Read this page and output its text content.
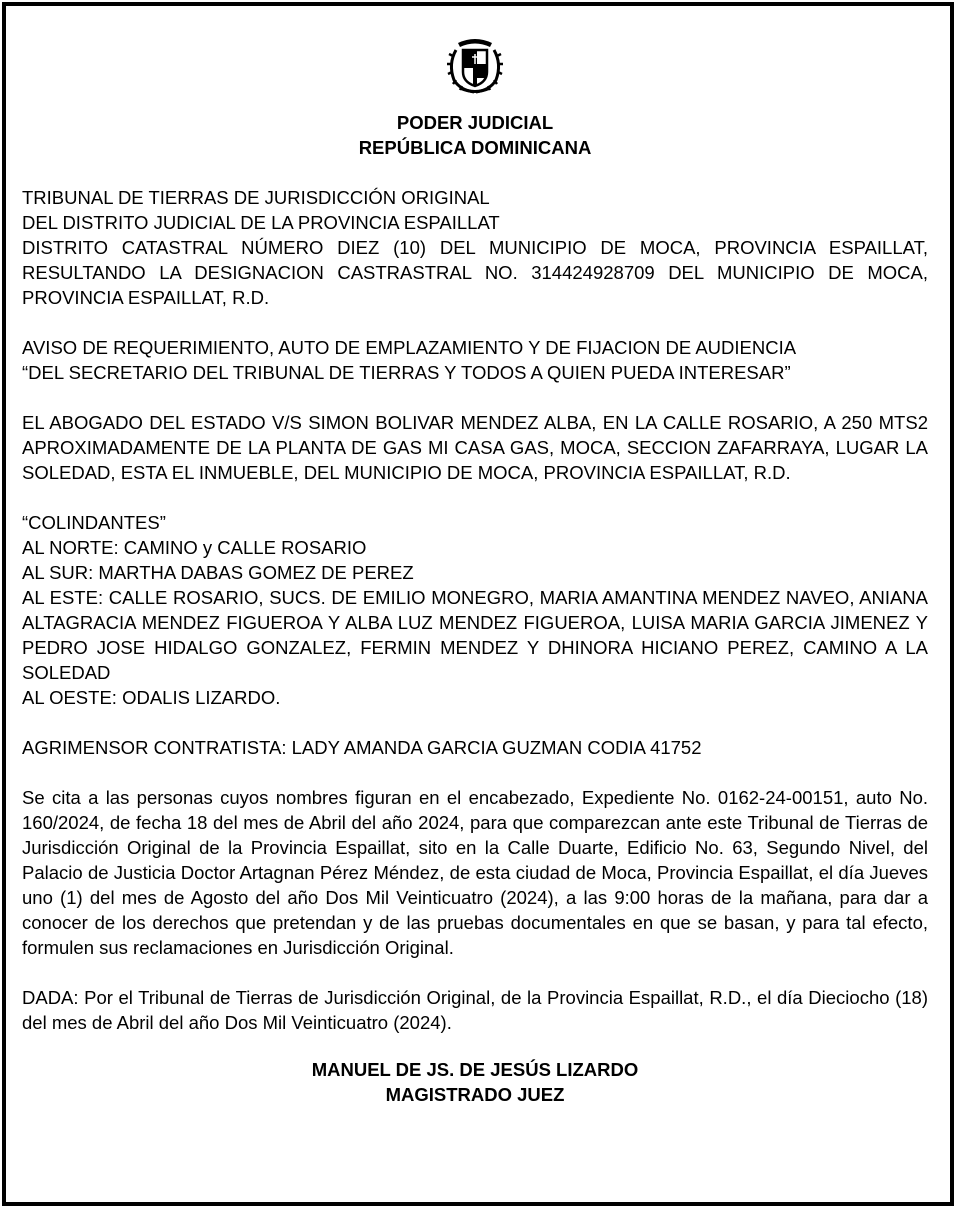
PODER JUDICIAL
REPÚBLICA DOMINICANA

TRIBUNAL DE TIERRAS DE JURISDICCIÓN ORIGINAL

DEL DISTRITO JUDICIAL DE LA PROVINCIA ESPAILLAT

DISTRITO CATASTRAL NÚMERO DIEZ (10) DEL MUNICIPIO DE MOCA, PROVINCIA ESPAILLAT, RESULTANDO LA DESIGNACION CASTRASTRAL NO. 314424928709 DEL MUNICIPIO DE MOCA, PROVINCIA ESPAILLAT, R.D.

AVISO DE REQUERIMIENTO, AUTO DE EMPLAZAMIENTO Y DE FIJACION DE AUDIENCIA

“DEL SECRETARIO DEL TRIBUNAL DE TIERRAS Y TODOS A QUIEN PUEDA INTERESAR”

EL ABOGADO DEL ESTADO V/S SIMON BOLIVAR MENDEZ ALBA, EN LA CALLE ROSARIO, A 250 MTS2 APROXIMADAMENTE DE LA PLANTA DE GAS MI CASA GAS, MOCA, SECCION ZAFARRAYA, LUGAR LA SOLEDAD, ESTA EL INMUEBLE, DEL MUNICIPIO DE MOCA, PROVINCIA ESPAILLAT, R.D.

“COLINDANTES”

AL NORTE: CAMINO y CALLE ROSARIO

AL SUR: MARTHA DABAS GOMEZ DE PEREZ

AL ESTE: CALLE ROSARIO, SUCS. DE EMILIO MONEGRO, MARIA AMANTINA MENDEZ NAVEO, ANIANA ALTAGRACIA MENDEZ FIGUEROA Y ALBA LUZ MENDEZ FIGUEROA, LUISA MARIA GARCIA JIMENEZ Y PEDRO JOSE HIDALGO GONZALEZ, FERMIN MENDEZ Y DHINORA HICIANO PEREZ, CAMINO A LA SOLEDAD

AL OESTE: ODALIS LIZARDO.

AGRIMENSOR CONTRATISTA: LADY AMANDA GARCIA GUZMAN CODIA 41752

Se cita a las personas cuyos nombres figuran en el encabezado, Expediente No. 0162-24-00151, auto No. 160/2024, de fecha 18 del mes de Abril del año 2024, para que comparezcan ante este Tribunal de Tierras de Jurisdicción Original de la Provincia Espaillat, sito en la Calle Duarte, Edificio No. 63, Segundo Nivel, del Palacio de Justicia Doctor Artagnan Pérez Méndez, de esta ciudad de Moca, Provincia Espaillat, el día Jueves uno (1) del mes de Agosto del año Dos Mil Veinticuatro (2024), a las 9:00 horas de la mañana, para dar a conocer de los derechos que pretendan y de las pruebas documentales en que se basan, y para tal efecto, formulen sus reclamaciones en Jurisdicción Original.

DADA: Por el Tribunal de Tierras de Jurisdicción Original, de la Provincia Espaillat, R.D., el día Dieciocho (18) del mes de Abril del año Dos Mil Veinticuatro (2024).

MANUEL DE JS. DE JESÚS LIZARDO
MAGISTRADO JUEZ
